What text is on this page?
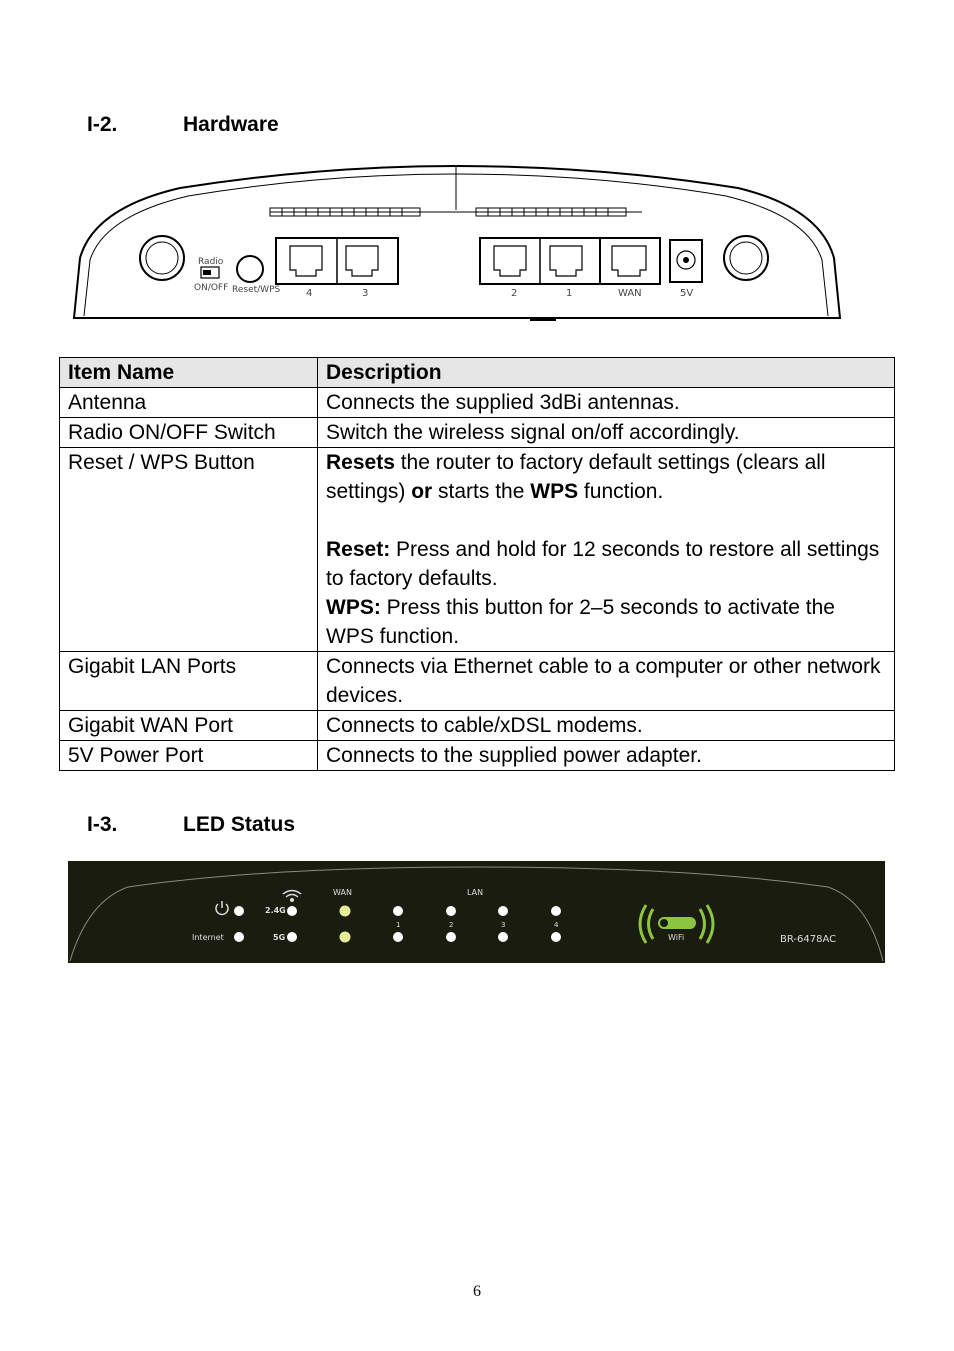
I-2.	Hardware
Radio
ON/OFF Reset/WPS	4	3	2	1	WAN	5V
Item Name	Description
Antenna	Connects the supplied 3dBi antennas.
Radio ON/OFF Switch	Switch the wireless signal on/off accordingly.
Reset / WPS Button	Resets the router to factory default settings (clears all settings) or starts the WPS function.
Reset: Press and hold for 12 seconds to restore all settings to factory defaults.
WPS: Press this button for 2–5 seconds to activate the WPS function.

Gigabit LAN Ports	Connects via Ethernet cable to a computer or other network devices.
Gigabit WAN Port	Connects to cable/xDSL modems.
5V Power Port	Connects to the supplied power adapter.
I-3.	LED Status
Internet
2.4G
5G
WAN	LAN
1	2	3	4
WiFi	BR-6478AC
6
